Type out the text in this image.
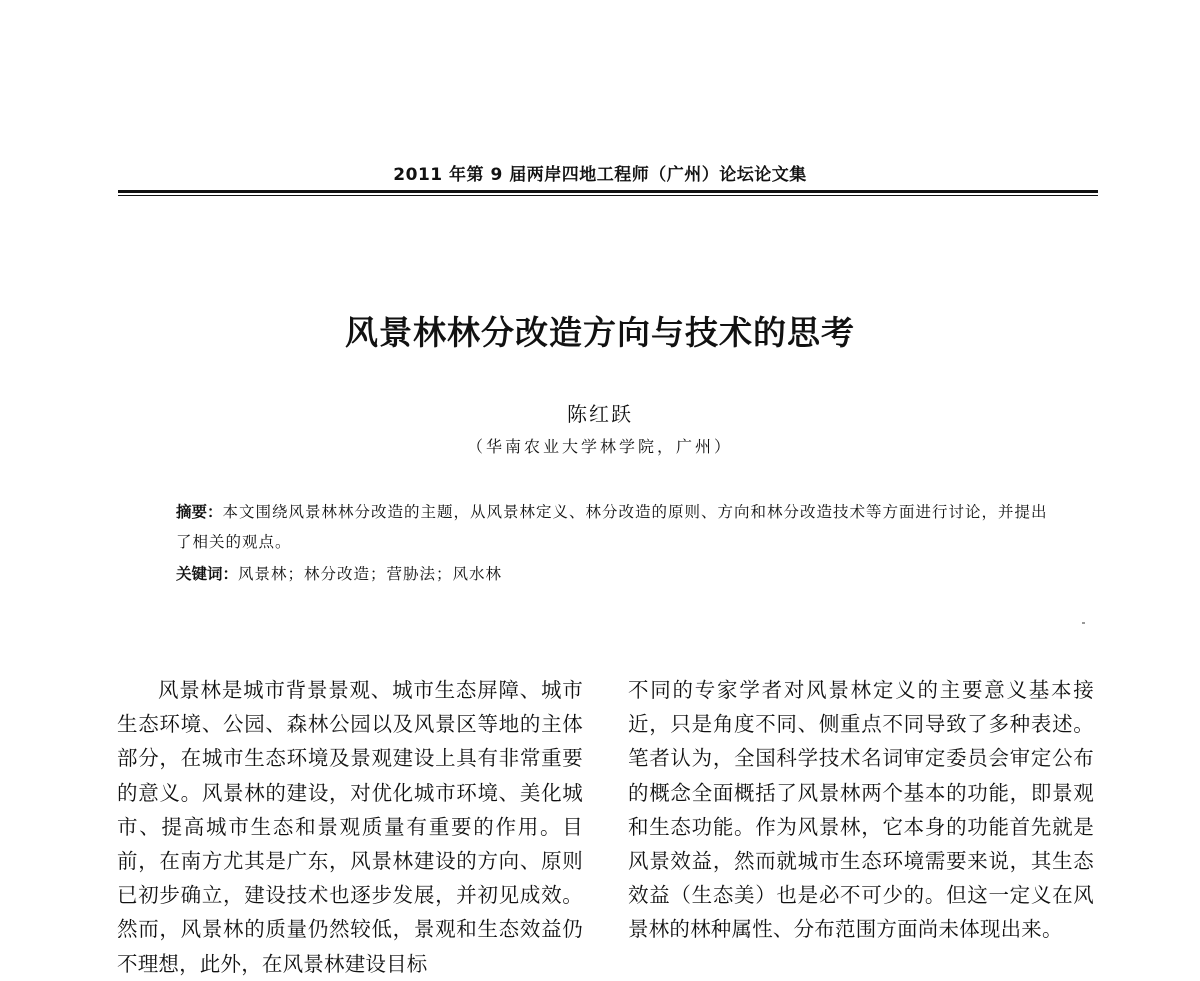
2011 年第 9 届两岸四地工程师（广州）论坛论文集
风景林林分改造方向与技术的思考
陈红跃
（华南农业大学林学院，广州）
摘要：本文围绕风景林林分改造的主题，从风景林定义、林分改造的原则、方向和林分改造技术等方面进行讨论，并提出了相关的观点。
关键词：风景林；林分改造；营胁法；风水林

风景林是城市背景景观、城市生态屏障、城市生态环境、公园、森林公园以及风景区等地的主体部分，在城市生态环境及景观建设上具有非常重要的意义。风景林的建设，对优化城市环境、美化城市、提高城市生态和景观质量有重要的作用。目前，在南方尤其是广东，风景林建设的方向、原则已初步确立，建设技术也逐步发展，并初见成效。然而，风景林的质量仍然较低，景观和生态效益仍不理想，此外，在风景林建设目标

不同的专家学者对风景林定义的主要意义基本接近，只是角度不同、侧重点不同导致了多种表述。笔者认为，全国科学技术名词审定委员会审定公布的概念全面概括了风景林两个基本的功能，即景观和生态功能。作为风景林，它本身的功能首先就是风景效益，然而就城市生态环境需要来说，其生态效益（生态美）也是必不可少的。但这一定义在风景林的林种属性、分布范围方面尚未体现出来。
